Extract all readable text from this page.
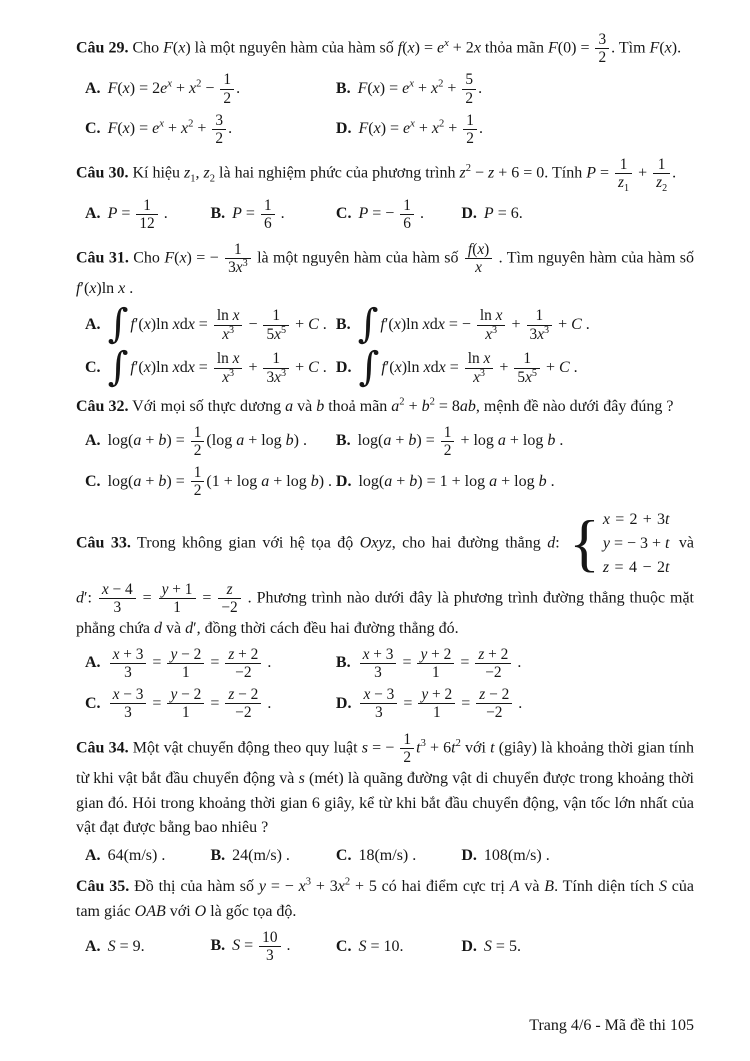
Câu 29. Cho F(x) là một nguyên hàm của hàm số $f(x) = e^x + 2x$ thỏa mãn $F(0) = \frac{3}{2}$ . Tìm F(x).
A. $F(x) = 2e^x + x^2 - \frac{1}{2}$ .	B. $F(x) = e^x + x^2 + \frac{5}{2}$ .
C. $F(x) = e^x + x^2 + \frac{3}{2}$ .	D. $F(x) = e^x + x^2 + \frac{1}{2}$ .
Câu 30. Kí hiệu $z_1$, $z_2$ là hai nghiệm phức của phương trình $z^2 - z + 6 = 0$. Tính $P = \frac{1}{z_1} + \frac{1}{z_2}$ .
A. $P = \frac{1}{12}$ .	B. $P = \frac{1}{6}$ .	C. P = − $\frac{1}{6}$ .	D. P = 6.
Câu 31. Cho F(x) = − $\frac{1}{3x^3}$ là một nguyên hàm của hàm số $\frac{f(x)}{x}$ . Tìm nguyên hàm của hàm số f′(x)ln x .
A. ∫ f′(x)ln xdx = $\frac{\text{ln x}}{x^3} - \frac{1}{5x^5} + C$ . B. ∫ f′(x)ln xdx = − $\frac{\text{ln x}}{x^3} + \frac{1}{3x^3} + C$ .
C. ∫ f′(x)ln xdx = $\frac{\text{ln x}}{x^3} + \frac{1}{3x^3} + C$ . D. ∫ f′(x)ln xdx = $\frac{\text{ln x}}{x^3} + \frac{1}{5x^5} + C$ .
Câu 32. Với mọi số thực dương a và b thoả mãn $a^2 + b^2 = 8ab$, mệnh đề nào dưới đây đúng ?
A. $\log(a + b) = \frac{1}{2} (\log$ a + log b) .	B. $\log(a + b) = \frac{1}{2} + \log a + \log b$ .
C. $\log(a + b) = \frac{1}{2} (1 + \log a + \log b)$ . D. log(a + b) = 1 + log a + log b .
Câu 33. Trong không gian với hệ tọa độ Oxyz, cho hai đường thẳng d: { x = 2 + 3t
y = − 3 + t
z = 4 − 2t
và
d′: $\frac{x - 4}{3} = \frac{y + 1}{1} = \frac{z}{-2}$ . Phương trình nào dưới đây là phương trình đường thẳng thuộc mặt phẳng chứa d và d′, đồng thời cách đều hai đường thẳng đó.
A. $\frac{x + 3}{3} = \frac{y - 2}{1} = \frac{z + 2}{-2}$ .	B. $\frac{x + 3}{3} = \frac{y + 2}{1} = \frac{z + 2}{-2}$ .
C. $\frac{x - 3}{3} = \frac{y - 2}{1} = \frac{z - 2}{-2}$ .	D. $\frac{x - 3}{3} = \frac{y + 2}{1} = \frac{z - 2}{-2}$ .
Câu 34. Một vật chuyển động theo quy luật s = − $\frac{1}{2} t^3 + 6t^2$ với t (giây) là khoảng thời gian tính từ khi vật bắt đầu chuyển động và s (mét) là quãng đường vật di chuyển được trong khoảng thời gian đó. Hỏi trong khoảng thời gian 6 giây, kể từ khi bắt đầu chuyển động, vận tốc lớn nhất của vật đạt được bằng bao nhiêu ?
A. 64(m/s) .	B. 24(m/s) .	C. 18(m/s) .	D. 108(m/s) .
Câu 35. Đồ thị của hàm số y = − $x^3 + 3x^2 + 5$ có hai điểm cực trị A và B. Tính diện tích S của tam giác OAB với O là gốc tọa độ.
A. S = 9.	B. $S = \frac{10}{3}$ .	C. S = 10.	D. S = 5.
Trang 4/6 - Mã đề thi 105
